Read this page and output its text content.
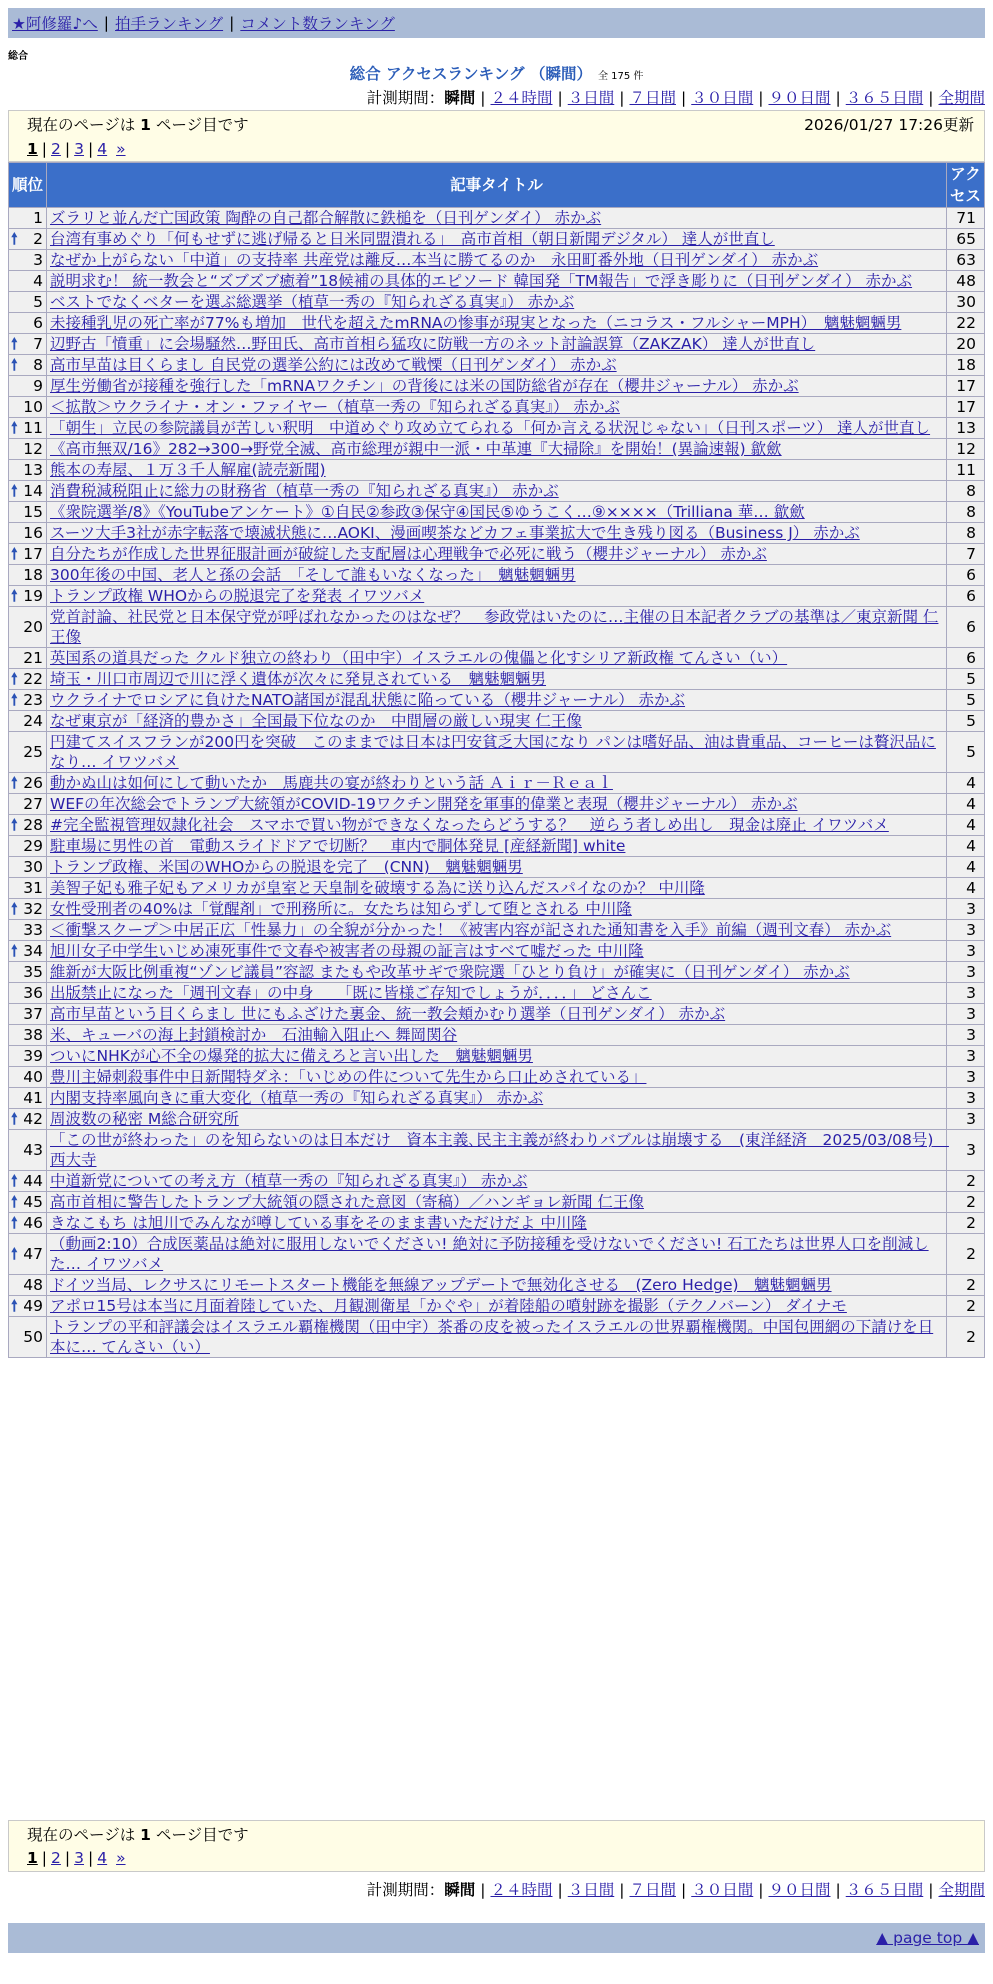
★阿修羅♪へ | 拍手ランキング | コメント数ランキング
総合
総合 アクセスランキング （瞬間） 全 175 件
計測期間：瞬間 | ２４時間 | ３日間 | ７日間 | ３０日間 | ９０日間 | ３６５日間 | 全期間
現在のページは 1 ページ目です	2026/01/27 17:26更新
1 | 2 | 3 | 4 »
順位	記事タイトル	アクセス
1	ズラリと並んだ亡国政策 陶酔の自己都合解散に鉄槌を（日刊ゲンダイ） 赤かぶ	71

🠕 2	台湾有事めぐり「何もせずに逃げ帰ると日米同盟潰れる」　高市首相（朝日新聞デジタル） 達人が世直し	65
3	なぜか上がらない「中道」の支持率 共産党は離反…本当に勝てるのか　永田町番外地（日刊ゲンダイ） 赤かぶ	63
4	説明求む！ 統一教会と“ズブズブ癒着”18候補の具体的エピソード 韓国発「TM報告」で浮き彫りに（日刊ゲンダイ） 赤かぶ	48
5	ベストでなくベターを選ぶ総選挙（植草一秀の『知られざる真実』） 赤かぶ	30
6	未接種乳児の死亡率が77%も増加　世代を超えたmRNAの惨事が現実となった（ニコラス・フルシャーMPH）　魑魅魍魎男	22

🠕 7	辺野古「憤重」に会場騒然…野田氏、高市首相ら猛攻に防戦一方のネット討論誤算（ZAKZAK） 達人が世直し	20

🠕 8	高市早苗は目くらまし 自民党の選挙公約には改めて戦慄（日刊ゲンダイ） 赤かぶ	18
9	厚生労働省が接種を強行した「mRNAワクチン」の背後には米の国防総省が存在（櫻井ジャーナル） 赤かぶ	17
10	＜拡散＞ウクライナ・オン・ファイヤー（植草一秀の『知られざる真実』） 赤かぶ	17

🠕 11	「朝生」立民の参院議員が苦しい釈明　中道めぐり攻め立てられる「何か言える状況じゃない」（日刊スポーツ） 達人が世直し	13
12	《高市無双/16》282→300→野党全滅、高市総理が親中一派・中革連『大掃除』を開始！(異論速報) 歙歛	12
13	熊本の寿屋、１万３千人解雇(読売新聞)	11

🠕 14	消費税減税阻止に総力の財務省（植草一秀の『知られざる真実』） 赤かぶ	8
15	《衆院選挙/8》《YouTubeアンケート》①自民②参政③保守④国民⑤ゆうこく…⑨××××（Trilliana 華… 歙歛	8
16	スーツ大手3社が赤字転落で壊滅状態に…AOKI、漫画喫茶などカフェ事業拡大で生き残り図る（Business J） 赤かぶ	8

🠕 17	自分たちが作成した世界征服計画が破綻した支配層は心理戦争で必死に戦う（櫻井ジャーナル） 赤かぶ	7
18	300年後の中国、老人と孫の会話　「そして誰もいなくなった」　魑魅魍魎男	6

🠕 19	トランプ政権 WHOからの脱退完了を発表 イワツバメ	6
20	党首討論、社民党と日本保守党が呼ばれなかったのはなぜ？　参政党はいたのに…主催の日本記者クラブの基準は／東京新聞 仁王像	6
21	英国系の道具だった クルド独立の終わり（田中宇）イスラエルの傀儡と化すシリア新政権 てんさい（い）	6

🠕 22	埼玉・川口市周辺で川に浮く遺体が次々に発見されている　魑魅魍魎男	5

🠕 23	ウクライナでロシアに負けたNATO諸国が混乱状態に陥っている（櫻井ジャーナル） 赤かぶ	5
24	なぜ東京が「経済的豊かさ」全国最下位なのか　中間層の厳しい現実 仁王像	5
25	円建てスイスフランが200円を突破　このままでは日本は円安貧乏大国になり パンは嗜好品、油は貴重品、コーヒーは贅沢品になり… イワツバメ	5

🠕 26	動かぬ山は如何にして動いたか　馬鹿共の宴が終わりという話 Ａｉｒ－Ｒｅａｌ	4
27	WEFの年次総会でトランプ大統領がCOVID-19ワクチン開発を軍事的偉業と表現（櫻井ジャーナル） 赤かぶ	4

🠕 28	#完全監視管理奴隷化社会　スマホで買い物ができなくなったらどうする？　逆らう者しめ出し　現金は廃止 イワツバメ	4
29	駐車場に男性の首　電動スライドドアで切断？　車内で胴体発見 [産経新聞] white	4
30	トランプ政権、米国のWHOからの脱退を完了　(CNN)　魑魅魍魎男	4
31	美智子妃も雅子妃もアメリカが皇室と天皇制を破壊する為に送り込んだスパイなのか？ 中川隆	4

🠕 32	女性受刑者の40%は「覚醒剤」で刑務所に。女たちは知らずして堕とされる 中川隆	3
33	＜衝撃スクープ＞中居正広「性暴力」の全貌が分かった！《被害内容が記された通知書を入手》前編（週刊文春） 赤かぶ	3

🠕 34	旭川女子中学生いじめ凍死事件で文春や被害者の母親の証言はすべて嘘だった 中川隆	3
35	維新が大阪比例重複“ゾンビ議員”容認 またもや改革サギで衆院選「ひとり負け」が確実に（日刊ゲンダイ） 赤かぶ	3
36	出版禁止になった「週刊文春」の中身　　「既に皆様ご存知でしょうが．．．．」 どさんこ	3
37	高市早苗という目くらまし 世にもふざけた裏金、統一教会頬かむり選挙（日刊ゲンダイ） 赤かぶ	3
38	米、キューバの海上封鎖検討か　石油輸入阻止へ 舞岡関谷	3
39	ついにNHKが心不全の爆発的拡大に備えろと言い出した　魑魅魍魎男	3
40	豊川主婦刺殺事件中日新聞特ダネ：「いじめの件について先生から口止めされている」	3
41	内閣支持率風向きに重大変化（植草一秀の『知られざる真実』） 赤かぶ	3

🠕 42	周波数の秘密 M総合研究所	3
43	「この世が終わった」のを知らないのは日本だけ　資本主義､民主主義が終わりバブルは崩壊する　(東洋経済　2025/03/08号)　西大寺	3

🠕 44	中道新党についての考え方（植草一秀の『知られざる真実』） 赤かぶ	2

🠕 45	高市首相に警告したトランプ大統領の隠された意図（寄稿）／ハンギョレ新聞 仁王像	2

🠕 46	きなこもち は旭川でみんなが噂している事をそのまま書いただけだよ 中川隆	2

🠕 47	（動画2:10）合成医薬品は絶対に服用しないでください! 絶対に予防接種を受けないでください! 石工たちは世界人口を削減した… イワツバメ	2
48	ドイツ当局、レクサスにリモートスタート機能を無線アップデートで無効化させる　(Zero Hedge)　魑魅魍魎男	2

🠕 49	アポロ15号は本当に月面着陸していた、月観測衛星「かぐや」が着陸船の噴射跡を撮影（テクノバーン） ダイナモ	2
50	トランプの平和評議会はイスラエル覇権機関（田中宇）茶番の皮を被ったイスラエルの世界覇権機関。中国包囲網の下請けを日本に… てんさい（い）	2
現在のページは 1 ページ目です
1 | 2 | 3 | 4 »
計測期間：瞬間 | ２４時間 | ３日間 | ７日間 | ３０日間 | ９０日間 | ３６５日間 | 全期間
▲ page top ▲
